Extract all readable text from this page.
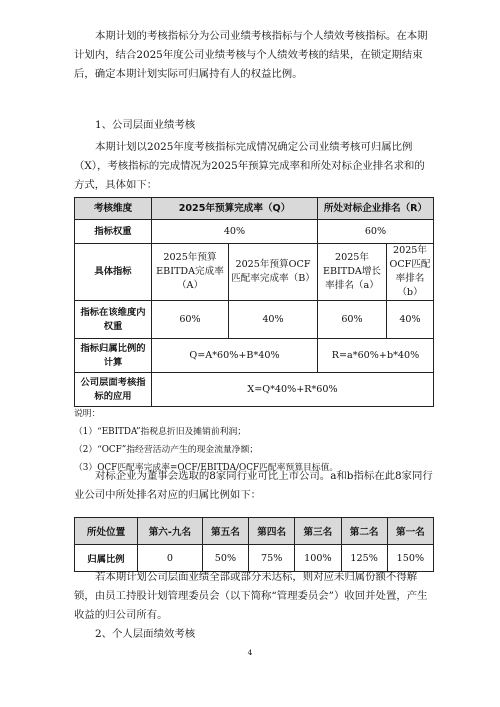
本期计划的考核指标分为公司业绩考核指标与个人绩效考核指标。在本期计划内，结合2025年度公司业绩考核与个人绩效考核的结果，在锁定期结束后，确定本期计划实际可归属持有人的权益比例。

1、公司层面业绩考核

本期计划以2025年度考核指标完成情况确定公司业绩考核可归属比例（X），考核指标的完成情况为2025年预算完成率和所处对标企业排名求和的方式，具体如下：

考核维度	2025年预算完成率（Q）		所处对标企业排名（R）	
指标权重	40%		60%	
具体指标	2025年预算EBITDA完成率（A）	2025年预算OCF匹配率完成率（B）	2025年EBITDA增长率排名（a）	2025年OCF匹配率排名（b）
指标在该维度内权重	60%	40%	60%	40%
指标归属比例的计算	Q=A*60%+B*40%		R=a*60%+b*40%	
公司层面考核指标的应用	X=Q*40%+R*60%			
说明：
（1）“EBITDA”指税息折旧及摊销前利润；
（2）“OCF”指经营活动产生的现金流量净额；
（3）OCF匹配率完成率=OCF/EBITDA/OCF匹配率预算目标值。

对标企业为董事会选取的8家同行业可比上市公司。a和b指标在此8家同行业公司中所处排名对应的归属比例如下：

所处位置	第六-九名	第五名	第四名	第三名	第二名	第一名
归属比例	0	50%	75%	100%	125%	150%

若本期计划公司层面业绩全部或部分未达标，则对应未归属份额不得解锁，由员工持股计划管理委员会（以下简称“管理委员会”）收回并处置，产生收益的归公司所有。

2、个人层面绩效考核

4
